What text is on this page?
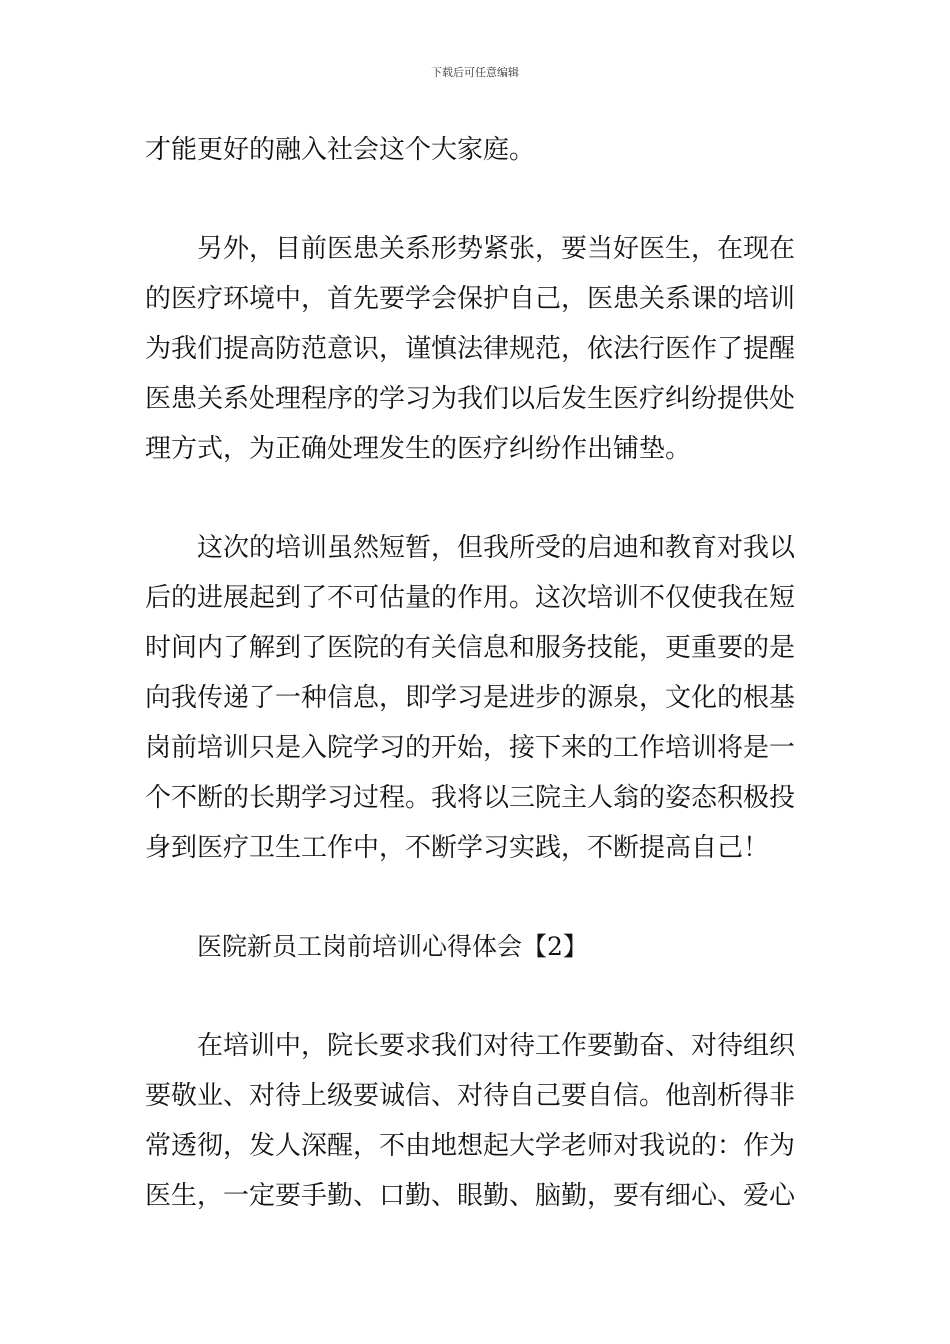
下载后可任意编辑
才能更好的融入社会这个大家庭。
另外，目前医患关系形势紧张，要当好医生，在现在
的医疗环境中，首先要学会保护自己，医患关系课的培训
为我们提高防范意识，谨慎法律规范，依法行医作了提醒
医患关系处理程序的学习为我们以后发生医疗纠纷提供处
理方式，为正确处理发生的医疗纠纷作出铺垫。
这次的培训虽然短暂，但我所受的启迪和教育对我以
后的进展起到了不可估量的作用。这次培训不仅使我在短
时间内了解到了医院的有关信息和服务技能，更重要的是
向我传递了一种信息，即学习是进步的源泉，文化的根基
岗前培训只是入院学习的开始，接下来的工作培训将是一
个不断的长期学习过程。我将以三院主人翁的姿态积极投
身到医疗卫生工作中，不断学习实践，不断提高自己！
医院新员工岗前培训心得体会【2】
在培训中，院长要求我们对待工作要勤奋、对待组织
要敬业、对待上级要诚信、对待自己要自信。他剖析得非
常透彻，发人深醒，不由地想起大学老师对我说的：作为
医生，一定要手勤、口勤、眼勤、脑勤，要有细心、爱心
